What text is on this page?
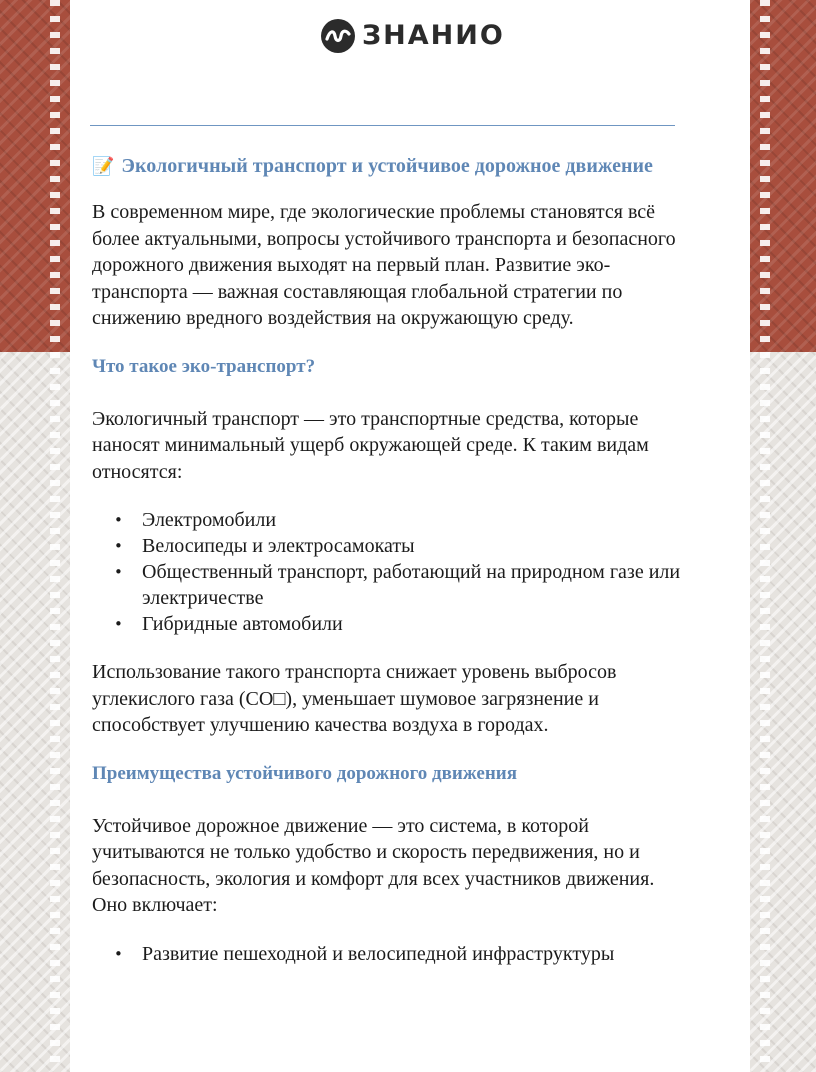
ЗНАНИО
📝 Экологичный транспорт и устойчивое дорожное движение

В современном мире, где экологические проблемы становятся всё более актуальными, вопросы устойчивого транспорта и безопасного дорожного движения выходят на первый план. Развитие эко-транспорта — важная составляющая глобальной стратегии по снижению вредного воздействия на окружающую среду.

Что такое эко-транспорт?

Экологичный транспорт — это транспортные средства, которые наносят минимальный ущерб окружающей среде. К таким видам относятся:

• Электромобили
• Велосипеды и электросамокаты
• Общественный транспорт, работающий на природном газе или электричестве
• Гибридные автомобили

Использование такого транспорта снижает уровень выбросов углекислого газа (CO□), уменьшает шумовое загрязнение и способствует улучшению качества воздуха в городах.

Преимущества устойчивого дорожного движения

Устойчивое дорожное движение — это система, в которой учитываются не только удобство и скорость передвижения, но и безопасность, экология и комфорт для всех участников движения. Оно включает:

• Развитие пешеходной и велосипедной инфраструктуры
